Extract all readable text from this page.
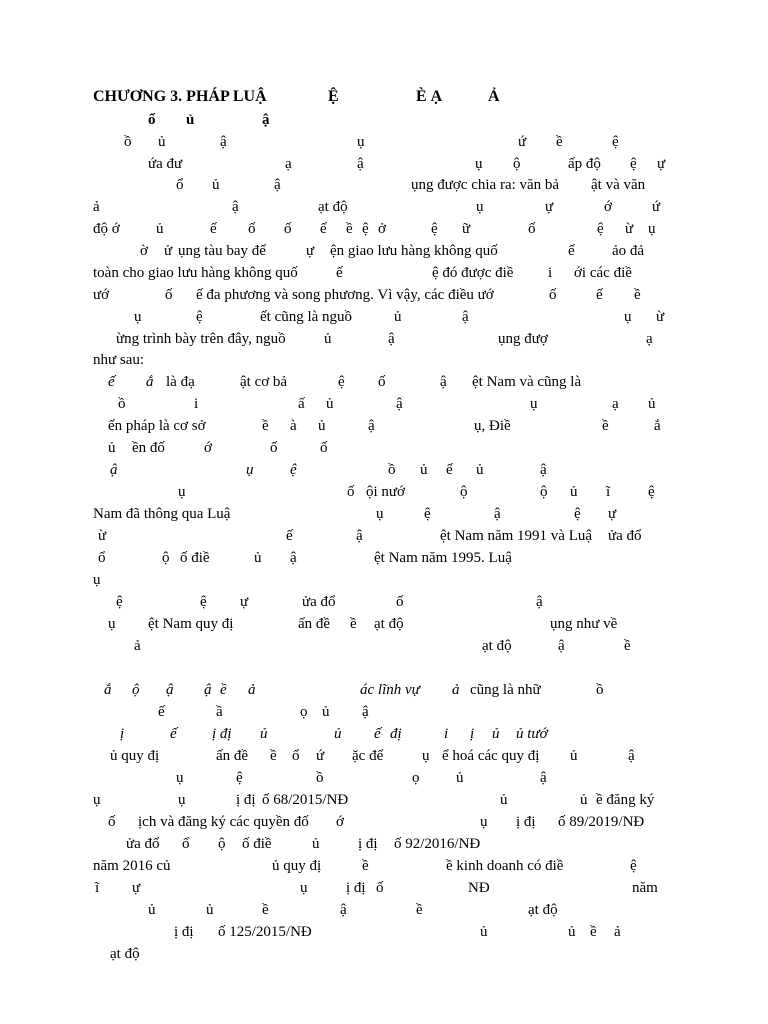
CHƯƠNG 3. PHÁP LUẬ	Ệ	È Ạ	Ả
ổ ủ	ậ
ồ ủ	ậ	ụ	ứ ề	ệ
ứa đư	ạ	ậ	ụ ộ	ấp độ ệ ự
ổ ủ	ậ	ụng được chia ra: văn bả ật và văn
ả	ậ	ạt độ	ụ	ự	ớ	ứ
độ ớ ủ	ế ố ố ế ề ệ ở	ệ ữ	ố	ệ ừ ụ
ờ ử ụng tàu bay để	ự ện giao lưu hàng không quố	ế ảo đả
toàn cho giao lưu hàng không quố	ế	ệ đó được điề i ới các điề
ướ	ố ế đa phương và song phương. Vì vậy, các điều ướ	ố	ế ề
ụ	ệ	ết cũng là nguồ	ủ	ậ	ụ ừ
ừng trình bày trên đây, nguồ	ủ	ậ	ụng đượ	ạ
như sau:
ế ắ là đạ	ật cơ bả	ệ ố	ậ ệt Nam và cũng là
ồ	i	ấ ủ	ậ	ụ	ạ ủ
ến pháp là cơ sở	ề à ủ	ậ	ụ, Điề	ề	ắ
ủ ền đố	ớ	ố	ố
ậ	ụ ệ	ồ ủ ế ủ	ậ
ụ	ố ội nướ	ộ	ộ ủ ĩ	ệ
Nam đã thông qua Luậ	ụ	ệ	ậ	ệ ự
ừ	ế	ậ	ệt Nam năm 1991 và Luậ ửa đổ
ổ	ộ ố điề	ủ ậ	ệt Nam năm 1995. Luậ
ụ
ệ	ệ ự	ửa đổ	ố	ậ
ụ ệt Nam quy đị	ấn đề ề ạt độ	ụng như về
ả	ạt độ	ậ	ề
ắ ộ ậ ậ ề ả	ác lĩnh vự ả cũng là nhữ	ồ
ế	ầ	ọ ủ ậ
ị	ế ị đị ủ	ủ ế đị	i ị ủ ủ tướ
ủ quy đị	ấn đề ề ổ ứ ặc để	ụ ể hoá các quy đị ủ	ậ
ụ	ệ	ồ	ọ ủ	ậ
ụ	ụ	ị đị ố 68/2015/NĐ	ủ	ủ ề đăng ký
ố ịch và đăng ký các quyền đố ớ	ụ ị đị ố 89/2019/NĐ
ửa đổ ổ ộ ố điề	ủ	ị đị ố 92/2016/NĐ
năm 2016 củ	ủ quy đị	ề	ề kinh doanh có điề	ệ
ĩ ự	ụ	ị đị ố	NĐ	năm
ủ	ủ	ề	ậ	ề	ạt độ
ị đị ố 125/2015/NĐ	ủ	ủ ề ả
ạt độ
